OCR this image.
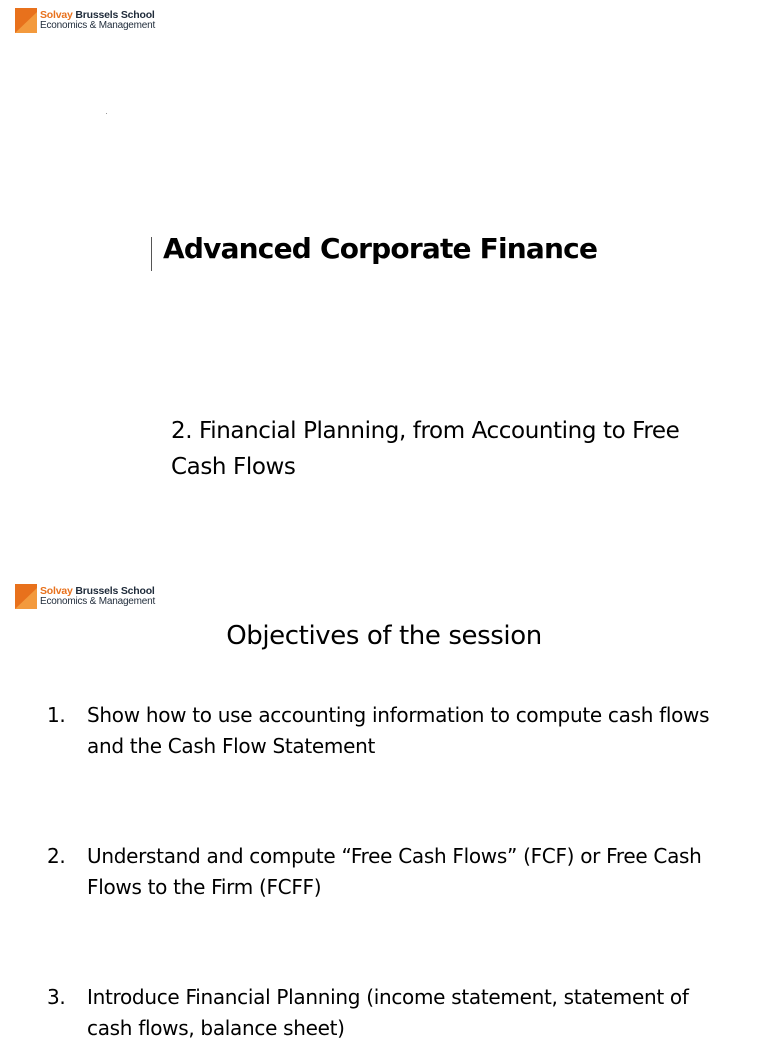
Solvay Brussels School
Economics & Management
Advanced Corporate Finance
2. Financial Planning, from Accounting to Free Cash Flows
Solvay Brussels School
Economics & Management
Objectives of the session
1. Show how to use accounting information to compute cash flows and the Cash Flow Statement
2. Understand and compute “Free Cash Flows” (FCF) or Free Cash Flows to the Firm (FCFF)
3. Introduce Financial Planning (income statement, statement of cash flows, balance sheet)
